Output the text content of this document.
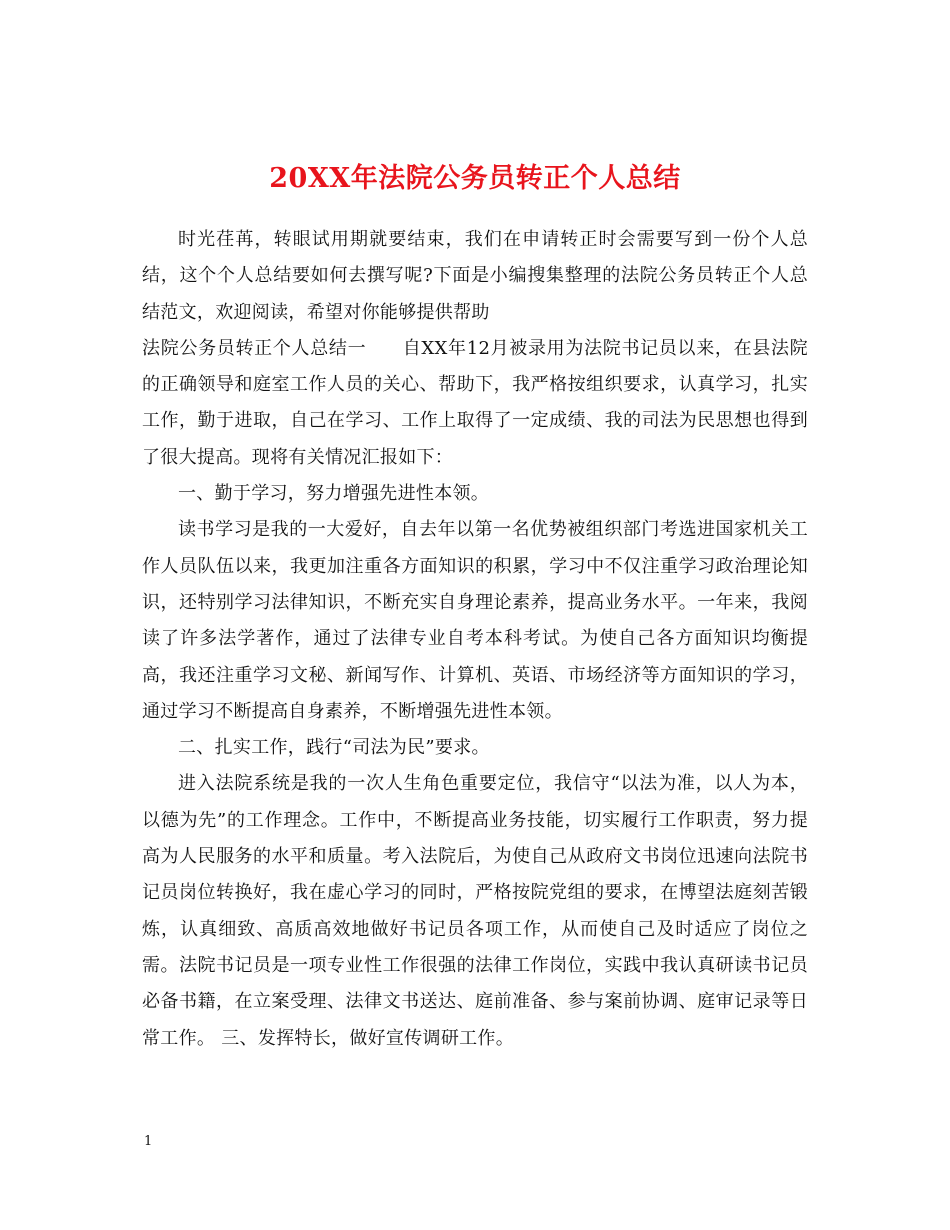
20XX年法院公务员转正个人总结

时光荏苒，转眼试用期就要结束，我们在申请转正时会需要写到一份个人总结，这个个人总结要如何去撰写呢?下面是小编搜集整理的法院公务员转正个人总结范文，欢迎阅读，希望对你能够提供帮助

法院公务员转正个人总结一 自XX年12月被录用为法院书记员以来，在县法院的正确领导和庭室工作人员的关心、帮助下，我严格按组织要求，认真学习，扎实工作，勤于进取，自己在学习、工作上取得了一定成绩、我的司法为民思想也得到了很大提高。现将有关情况汇报如下：

一、勤于学习，努力增强先进性本领。

读书学习是我的一大爱好，自去年以第一名优势被组织部门考选进国家机关工作人员队伍以来，我更加注重各方面知识的积累，学习中不仅注重学习政治理论知识，还特别学习法律知识，不断充实自身理论素养，提高业务水平。一年来，我阅读了许多法学著作，通过了法律专业自考本科考试。为使自己各方面知识均衡提高，我还注重学习文秘、新闻写作、计算机、英语、市场经济等方面知识的学习，通过学习不断提高自身素养，不断增强先进性本领。

二、扎实工作，践行“司法为民”要求。

进入法院系统是我的一次人生角色重要定位，我信守“以法为准，以人为本，以德为先”的工作理念。工作中，不断提高业务技能，切实履行工作职责，努力提高为人民服务的水平和质量。考入法院后，为使自己从政府文书岗位迅速向法院书记员岗位转换好，我在虚心学习的同时，严格按院党组的要求，在博望法庭刻苦锻炼，认真细致、高质高效地做好书记员各项工作，从而使自己及时适应了岗位之需。法院书记员是一项专业性工作很强的法律工作岗位，实践中我认真研读书记员必备书籍，在立案受理、法律文书送达、庭前准备、参与案前协调、庭审记录等日常工作。 三、发挥特长，做好宣传调研工作。

1
